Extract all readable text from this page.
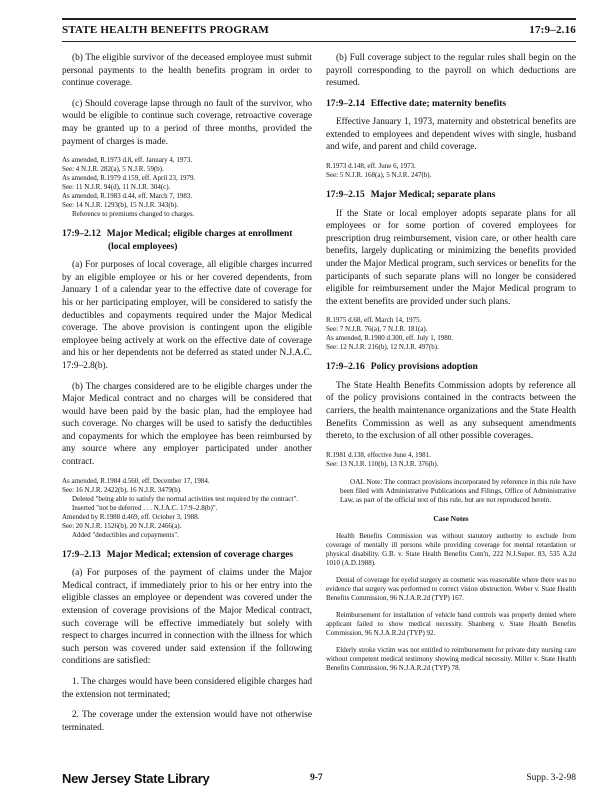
STATE HEALTH BENEFITS PROGRAM	17:9–2.16

(b) The eligible survivor of the deceased employee must submit personal payments to the health benefits program in order to continue coverage.

(c) Should coverage lapse through no fault of the survivor, who would be eligible to continue such coverage, retroactive coverage may be granted up to a period of three months, provided the payment of charges is made.

As amended, R.1973 d.8, eff. January 4, 1973.
See: 4 N.J.R. 282(a), 5 N.J.R. 59(b).
As amended, R.1979 d.159, eff. April 23, 1979.
See: 11 N.J.R. 94(d), 11 N.J.R. 304(c).
As amended, R.1983 d.44, eff. March 7, 1983.
See: 14 N.J.R. 1293(b), 15 N.J.R. 343(b).
Reference to premiums changed to charges.
17:9–2.12 Major Medical; eligible charges at enrollment
(local employees)

(a) For purposes of local coverage, all eligible charges incurred by an eligible employee or his or her covered dependents, from January 1 of a calendar year to the effective date of coverage for his or her participating employer, will be considered to satisfy the deductibles and copayments required under the Major Medical coverage. The above provision is contingent upon the eligible employee being actively at work on the effective date of coverage and his or her dependents not be deferred as stated under N.J.A.C. 17:9–2.8(b).

(b) The charges considered are to be eligible charges under the Major Medical contract and no charges will be considered that would have been paid by the basic plan, had the employee had such coverage. No charges will be used to satisfy the deductibles and copayments for which the employee has been reimbursed by any source where any employer participated under another contract.

As amended, R.1984 d.560, eff. December 17, 1984.
See: 16 N.J.R. 2422(b), 16 N.J.R. 3479(b).
Deleted "being able to satisfy the normal activities test required by the contract". Inserted "not be deferred . . . N.J.A.C. 17:9–2.8(b)".
Amended by R.1988 d.469, eff. October 3, 1988.
See: 20 N.J.R. 1526(b), 20 N.J.R. 2466(a).
Added "deductibles and copayments".
17:9–2.13 Major Medical; extension of coverage charges

(a) For purposes of the payment of claims under the Major Medical contract, if immediately prior to his or her entry into the eligible classes an employee or dependent was covered under the extension of coverage provisions of the Major Medical contract, such coverage will be effective immediately but solely with respect to charges incurred in connection with the illness for which such person was covered under said extension if the following conditions are satisfied:

1. The charges would have been considered eligible charges had the extension not terminated;

2. The coverage under the extension would have not otherwise terminated.

(b) Full coverage subject to the regular rules shall begin on the payroll corresponding to the payroll on which deductions are resumed.

17:9–2.14 Effective date; maternity benefits

Effective January 1, 1973, maternity and obstetrical benefits are extended to employees and dependent wives with single, husband and wife, and parent and child coverage.

R.1973 d.148, eff. June 6, 1973.
See: 5 N.J.R. 168(a), 5 N.J.R. 247(b).
17:9–2.15 Major Medical; separate plans

If the State or local employer adopts separate plans for all employees or for some portion of covered employees for prescription drug reimbursement, vision care, or other health care benefits, largely duplicating or minimizing the benefits provided under the Major Medical program, such services or benefits for the participants of such separate plans will no longer be considered eligible for reimbursement under the Major Medical program to the extent benefits are provided under such plans.

R.1975 d.68, eff. March 14, 1975.
See: 7 N.J.R. 76(a), 7 N.J.R. 181(a).
As amended, R.1980 d.300, eff. July 1, 1980.
See: 12 N.J.R. 216(b), 12 N.J.R. 497(b).
17:9–2.16 Policy provisions adoption

The State Health Benefits Commission adopts by reference all of the policy provisions contained in the contracts between the carriers, the health maintenance organizations and the State Health Benefits Commission as well as any subsequent amendments thereto, to the exclusion of all other possible coverages.

R.1981 d.138, effective June 4, 1981.
See: 13 N.J.R. 110(b), 13 N.J.R. 376(b).

OAL Note: The contract provisions incorporated by reference in this rule have been filed with Administrative Publications and Filings, Office of Administrative Law, as part of the official text of this rule, but are not reproduced herein.

Case Notes

Health Benefits Commission was without statutory authority to exclude from coverage of mentally ill persons while providing coverage for mental retardation or physical disability. G.B. v. State Health Benefits Com'n, 222 N.J.Super. 83, 535 A.2d 1010 (A.D.1988).

Denial of coverage for eyelid surgery as cosmetic was reasonable where there was no evidence that surgery was performed to correct vision obstruction. Weber v. State Health Benefits Commission, 96 N.J.A.R.2d (TYP) 167.

Reimbursement for installation of vehicle hand controls was properly denied where applicant failed to show medical necessity. Shanberg v. State Health Benefits Commission, 96 N.J.A.R.2d (TYP) 92.

Elderly stroke victim was not entitled to reimbursement for private duty nursing care without competent medical testimony showing medical necessity. Miller v. State Health Benefits Commission, 96 N.J.A.R.2d (TYP) 78.

New Jersey State Library	9-7	Supp. 3-2-98
